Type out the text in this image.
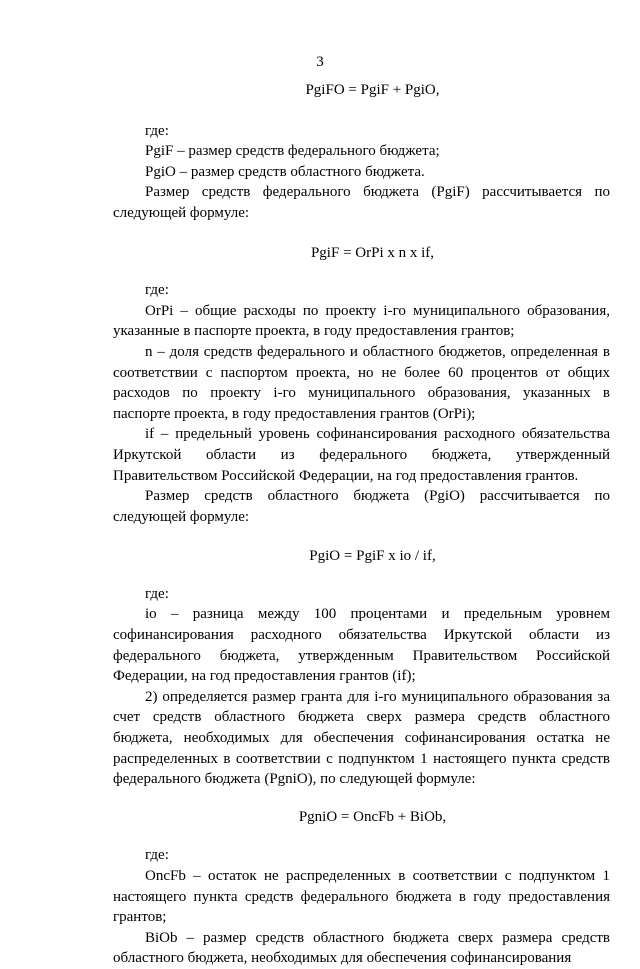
3
PgiFO = PgiF + PgiO,

где:

PgiF – размер средств федерального бюджета;

PgiO – размер средств областного бюджета.

Размер средств федерального бюджета (PgiF) рассчитывается по следующей формуле:

PgiF = OrPi x n x if,

где:

OrPi – общие расходы по проекту i-го муниципального образования, указанные в паспорте проекта, в году предоставления грантов;

n – доля средств федерального и областного бюджетов, определенная в соответствии с паспортом проекта, но не более 60 процентов от общих расходов по проекту i-го муниципального образования, указанных в паспорте проекта, в году предоставления грантов (OrPi);

if – предельный уровень софинансирования расходного обязательства Иркутской области из федерального бюджета, утвержденный Правительством Российской Федерации, на год предоставления грантов.

Размер средств областного бюджета (PgiO) рассчитывается по следующей формуле:

PgiO = PgiF x io / if,

где:

io – разница между 100 процентами и предельным уровнем софинансирования расходного обязательства Иркутской области из федерального бюджета, утвержденным Правительством Российской Федерации, на год предоставления грантов (if);

2) определяется размер гранта для i-го муниципального образования за счет средств областного бюджета сверх размера средств областного бюджета, необходимых для обеспечения софинансирования остатка не распределенных в соответствии с подпунктом 1 настоящего пункта средств федерального бюджета (PgniO), по следующей формуле:

PgniO = OncFb + BiOb,

где:

OncFb – остаток не распределенных в соответствии с подпунктом 1 настоящего пункта средств федерального бюджета в году предоставления грантов;

BiOb – размер средств областного бюджета сверх размера средств областного бюджета, необходимых для обеспечения софинансирования
